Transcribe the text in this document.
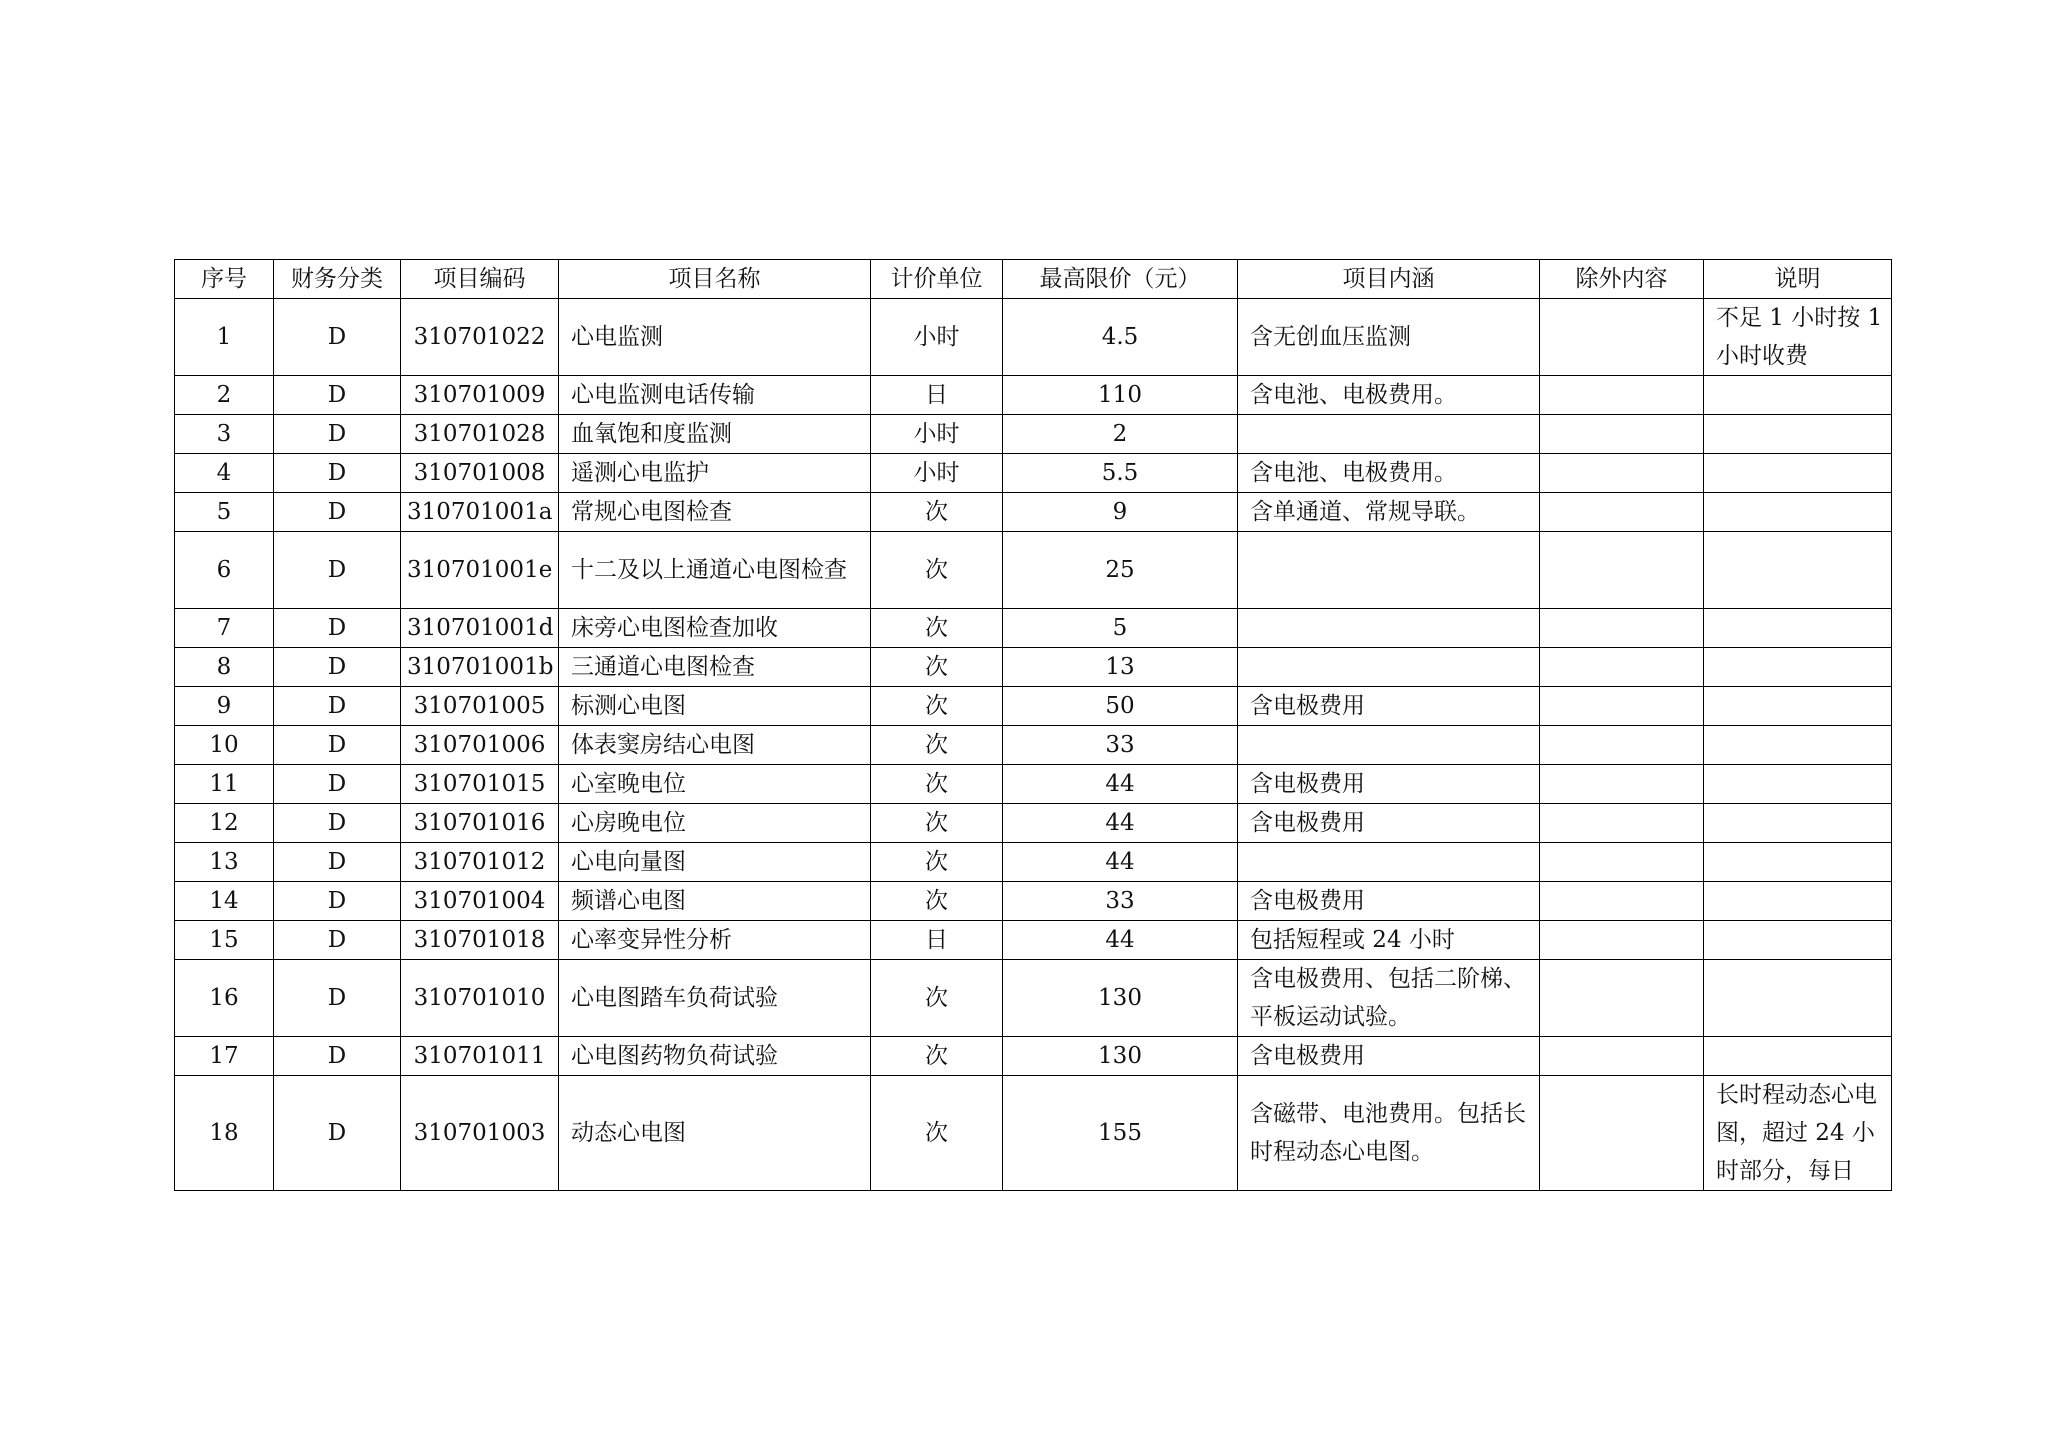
序号	财务分类	项目编码	项目名称	计价单位	最高限价（元）	项目内涵	除外内容	说明
1	D	310701022	心电监测	小时	4.5	含无创血压监测		不足 1 小时按 1 小时收费
2	D	310701009	心电监测电话传输	日	110	含电池、电极费用。		
3	D	310701028	血氧饱和度监测	小时	2			
4	D	310701008	遥测心电监护	小时	5.5	含电池、电极费用。		
5	D	310701001a	常规心电图检查	次	9	含单通道、常规导联。		
6	D	310701001e	十二及以上通道心电图检查	次	25			
7	D	310701001d	床旁心电图检查加收	次	5			
8	D	310701001b	三通道心电图检查	次	13			
9	D	310701005	标测心电图	次	50	含电极费用		
10	D	310701006	体表窦房结心电图	次	33			
11	D	310701015	心室晚电位	次	44	含电极费用		
12	D	310701016	心房晚电位	次	44	含电极费用		
13	D	310701012	心电向量图	次	44			
14	D	310701004	频谱心电图	次	33	含电极费用		
15	D	310701018	心率变异性分析	日	44	包括短程或 24 小时		
16	D	310701010	心电图踏车负荷试验	次	130	含电极费用、包括二阶梯、平板运动试验。		
17	D	310701011	心电图药物负荷试验	次	130	含电极费用		
18	D	310701003	动态心电图	次	155	含磁带、电池费用。包括长时程动态心电图。		长时程动态心电图，超过 24 小时部分，每日
